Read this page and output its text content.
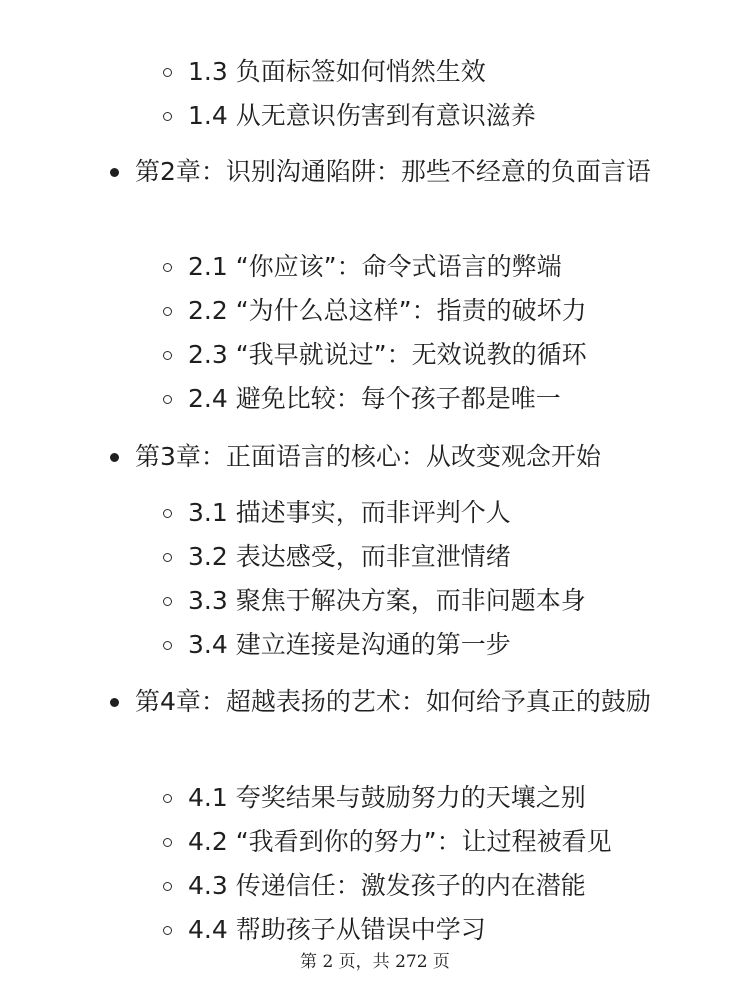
1.3 负面标签如何悄然生效
1.4 从无意识伤害到有意识滋养
第2章：识别沟通陷阱：那些不经意的负面言语
2.1 “你应该”：命令式语言的弊端
2.2 “为什么总这样”：指责的破坏力
2.3 “我早就说过”：无效说教的循环
2.4 避免比较：每个孩子都是唯一
第3章：正面语言的核心：从改变观念开始
3.1 描述事实，而非评判个人
3.2 表达感受，而非宣泄情绪
3.3 聚焦于解决方案，而非问题本身
3.4 建立连接是沟通的第一步
第4章：超越表扬的艺术：如何给予真正的鼓励
4.1 夸奖结果与鼓励努力的天壤之别
4.2 “我看到你的努力”：让过程被看见
4.3 传递信任：激发孩子的内在潜能
4.4 帮助孩子从错误中学习
第 2 页，共 272 页
